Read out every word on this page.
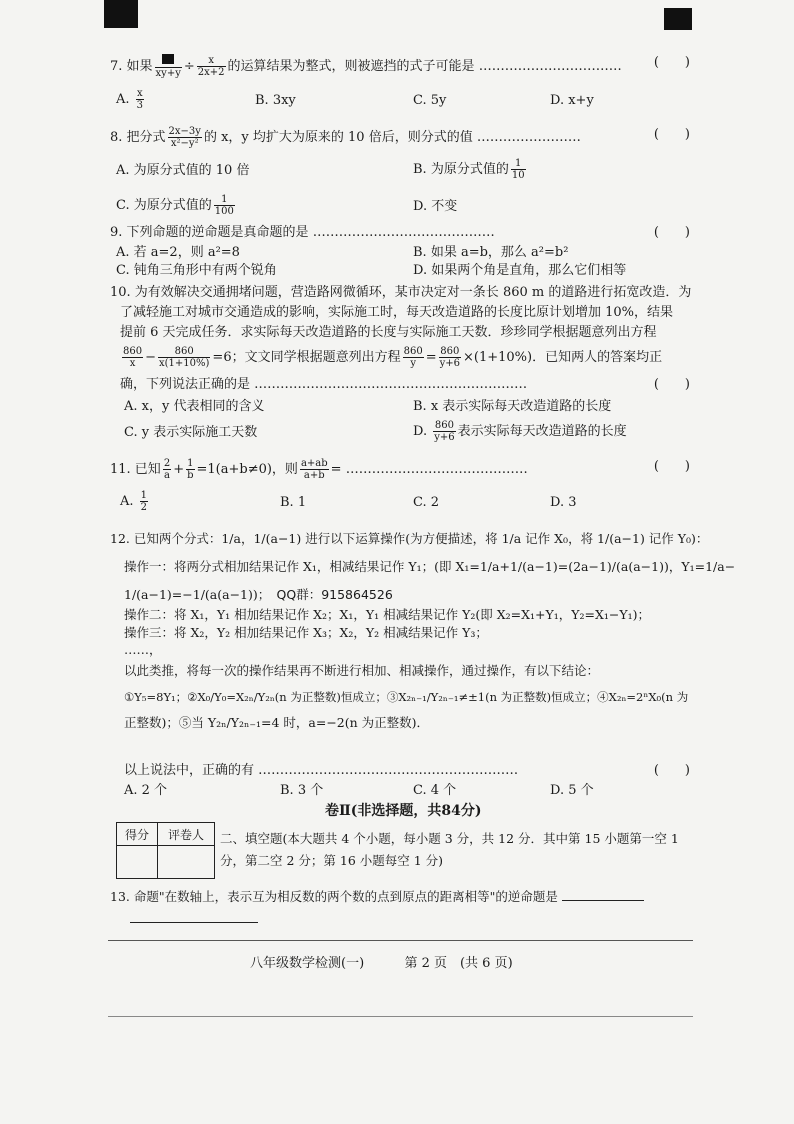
7. 如果 $xy+y \div \frac{x}{2x+2}$ 的运算结果为整式，则被遮挡的式子可能是 …………………………… (　　)
A. $\frac{x}{3}$	B. 3xy	C. 5y	D. x+y
8. 把分式 $\frac{2x-3y}{\text{x²−y²}}$ 的 x，y 均扩大为原来的 10 倍后，则分式的值 ……………………	(　　)
A. 为原分式值的 10 倍	B. 为原分式值的 $\frac{1}{10}$
C. 为原分式值的 $\frac{1}{100}$	D. 不变
9. 下列命题的逆命题是真命题的是 ……………………………………	(　　)
A. 若 a=2，则 a²=8	B. 如果 a=b，那么 a²=b²
C. 钝角三角形中有两个锐角	D. 如果两个角是直角，那么它们相等
10. 为有效解决交通拥堵问题，营造路网微循环，某市决定对一条长 860 m 的道路进行拓宽改造．为
了减轻施工对城市交通造成的影响，实际施工时，每天改造道路的长度比原计划增加 10%，结果
提前 6 天完成任务．求实际每天改造道路的长度与实际施工天数．珍珍同学根据题意列出方程
$\frac{860}{x} - \frac{860}{x(1+10\%)} =6$；文文同学根据题意列出方程 $\frac{860}{y} = \frac{860}{y+6} \times(1+10\%)$．已知两人的答案均正
确，下列说法正确的是 ………………………………………………………	(　　)
A. x，y 代表相同的含义	B. x 表示实际每天改造道路的长度
C. y 表示实际施工天数	D. $\frac{860}{y+6}$ 表示实际每天改造道路的长度
11. 已知 $\frac{2}{a} + \frac{1}{b} =1(a+b\ne 0)$，则 $\frac{a+ab}{a+b}$ = ……………………………………	(　　)
A. $\frac{1}{2}$	B. 1	C. 2	D. 3
12. 已知两个分式：1/a，1/(a−1) 进行以下运算操作(为方便描述，将 1/a 记作 X₀，将 1/(a−1) 记作 Y₀)：
操作一：将两分式相加结果记作 X₁，相减结果记作 Y₁；(即 X₁=1/a+1/(a−1)=(2a−1)/(a(a−1))，Y₁=1/a−
1/(a−1)=−1/(a(a−1))；　 QQ群：915864526
操作二：将 X₁，Y₁ 相加结果记作 X₂；X₁，Y₁ 相减结果记作 Y₂(即 X₂=X₁+Y₁，Y₂=X₁−Y₁)；
操作三：将 X₂，Y₂ 相加结果记作 X₃；X₂，Y₂ 相减结果记作 Y₃；
……，
以此类推，将每一次的操作结果再不断进行相加、相减操作，通过操作，有以下结论：
①Y₅=8Y₁；②X₀/Y₀=X₂ₙ/Y₂ₙ(n 为正整数)恒成立；③X₂ₙ₋₁/Y₂ₙ₋₁≠±1(n 为正整数)恒成立；④X₂ₙ=2ⁿX₀(n 为
正整数)；⑤当 Y₂ₙ/Y₂ₙ₋₁=4 时，a=−2(n 为正整数)．
以上说法中，正确的有 ……………………………………………………	(　　)
A. 2 个	B. 3 个	C. 4 个	D. 5 个
卷Ⅱ(非选择题，共84分)
得分	评卷人
	二、填空题(本大题共 4 个小题，每小题 3 分，共 12 分．其中第 15 小题第一空 1
分，第二空 2 分；第 16 小题每空 1 分)
13. 命题"在数轴上，表示互为相反数的两个数的点到原点的距离相等"的逆命题是
八年级数学检测(一)	第 2 页　(共 6 页)
